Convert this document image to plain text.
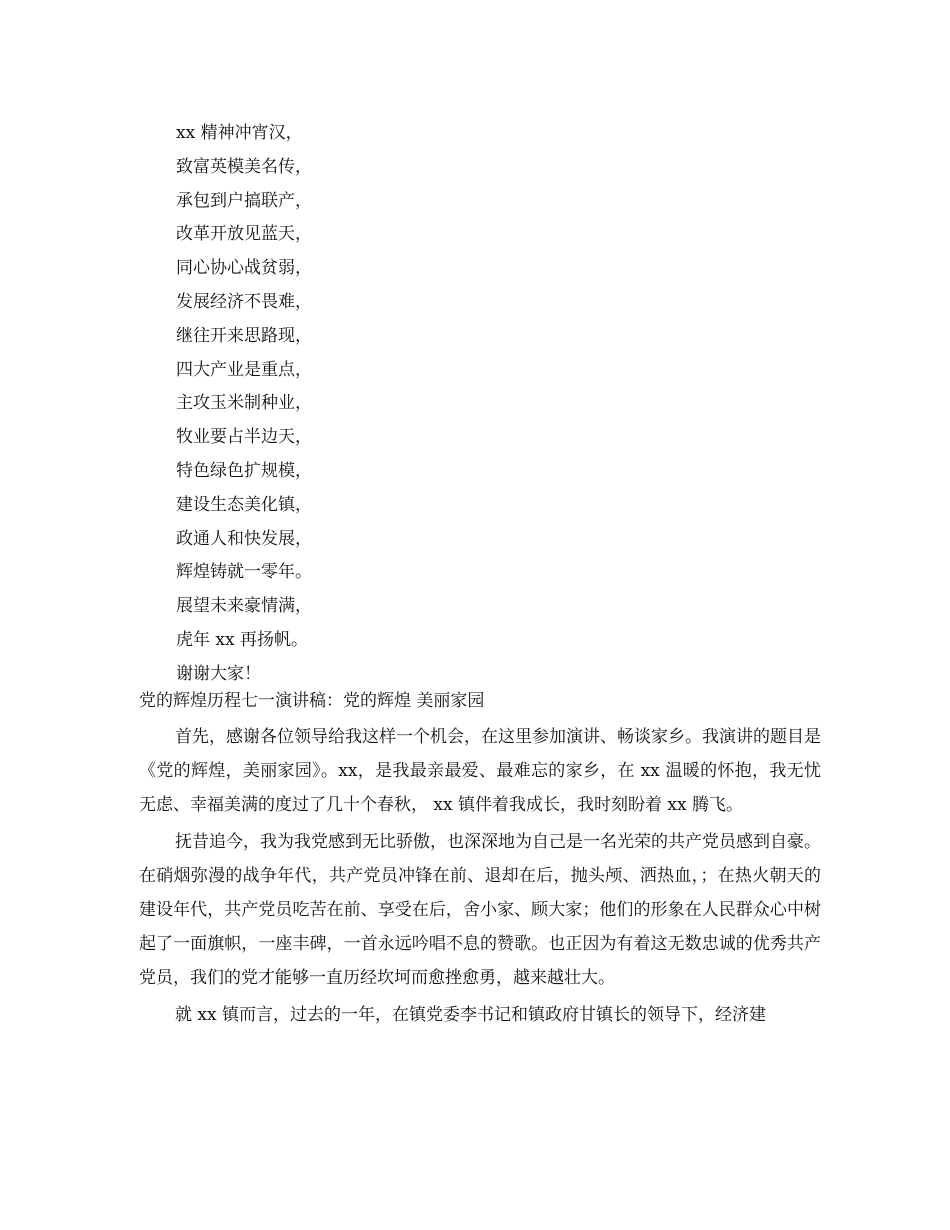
xx 精神冲宵汉，
致富英模美名传，
承包到户搞联产，
改革开放见蓝天，
同心协心战贫弱，
发展经济不畏难，
继往开来思路现，
四大产业是重点，
主攻玉米制种业，
牧业要占半边天，
特色绿色扩规模，
建设生态美化镇，
政通人和快发展，
辉煌铸就一零年。
展望未来豪情满，
虎年 xx 再扬帆。
谢谢大家！
党的辉煌历程七一演讲稿：党的辉煌 美丽家园

首先，感谢各位领导给我这样一个机会，在这里参加演讲、畅谈家乡。我演讲的题目是《党的辉煌，美丽家园》。xx，是我最亲最爱、最难忘的家乡，在 xx 温暖的怀抱，我无忧无虑、幸福美满的度过了几十个春秋， xx 镇伴着我成长，我时刻盼着 xx 腾飞。

抚昔追今，我为我党感到无比骄傲，也深深地为自己是一名光荣的共产党员感到自豪。在硝烟弥漫的战争年代，共产党员冲锋在前、退却在后，抛头颅、洒热血，；在热火朝天的建设年代，共产党员吃苦在前、享受在后，舍小家、顾大家；他们的形象在人民群众心中树起了一面旗帜，一座丰碑，一首永远吟唱不息的赞歌。也正因为有着这无数忠诚的优秀共产党员，我们的党才能够一直历经坎坷而愈挫愈勇，越来越壮大。

就 xx 镇而言，过去的一年，在镇党委李书记和镇政府甘镇长的领导下，经济建
